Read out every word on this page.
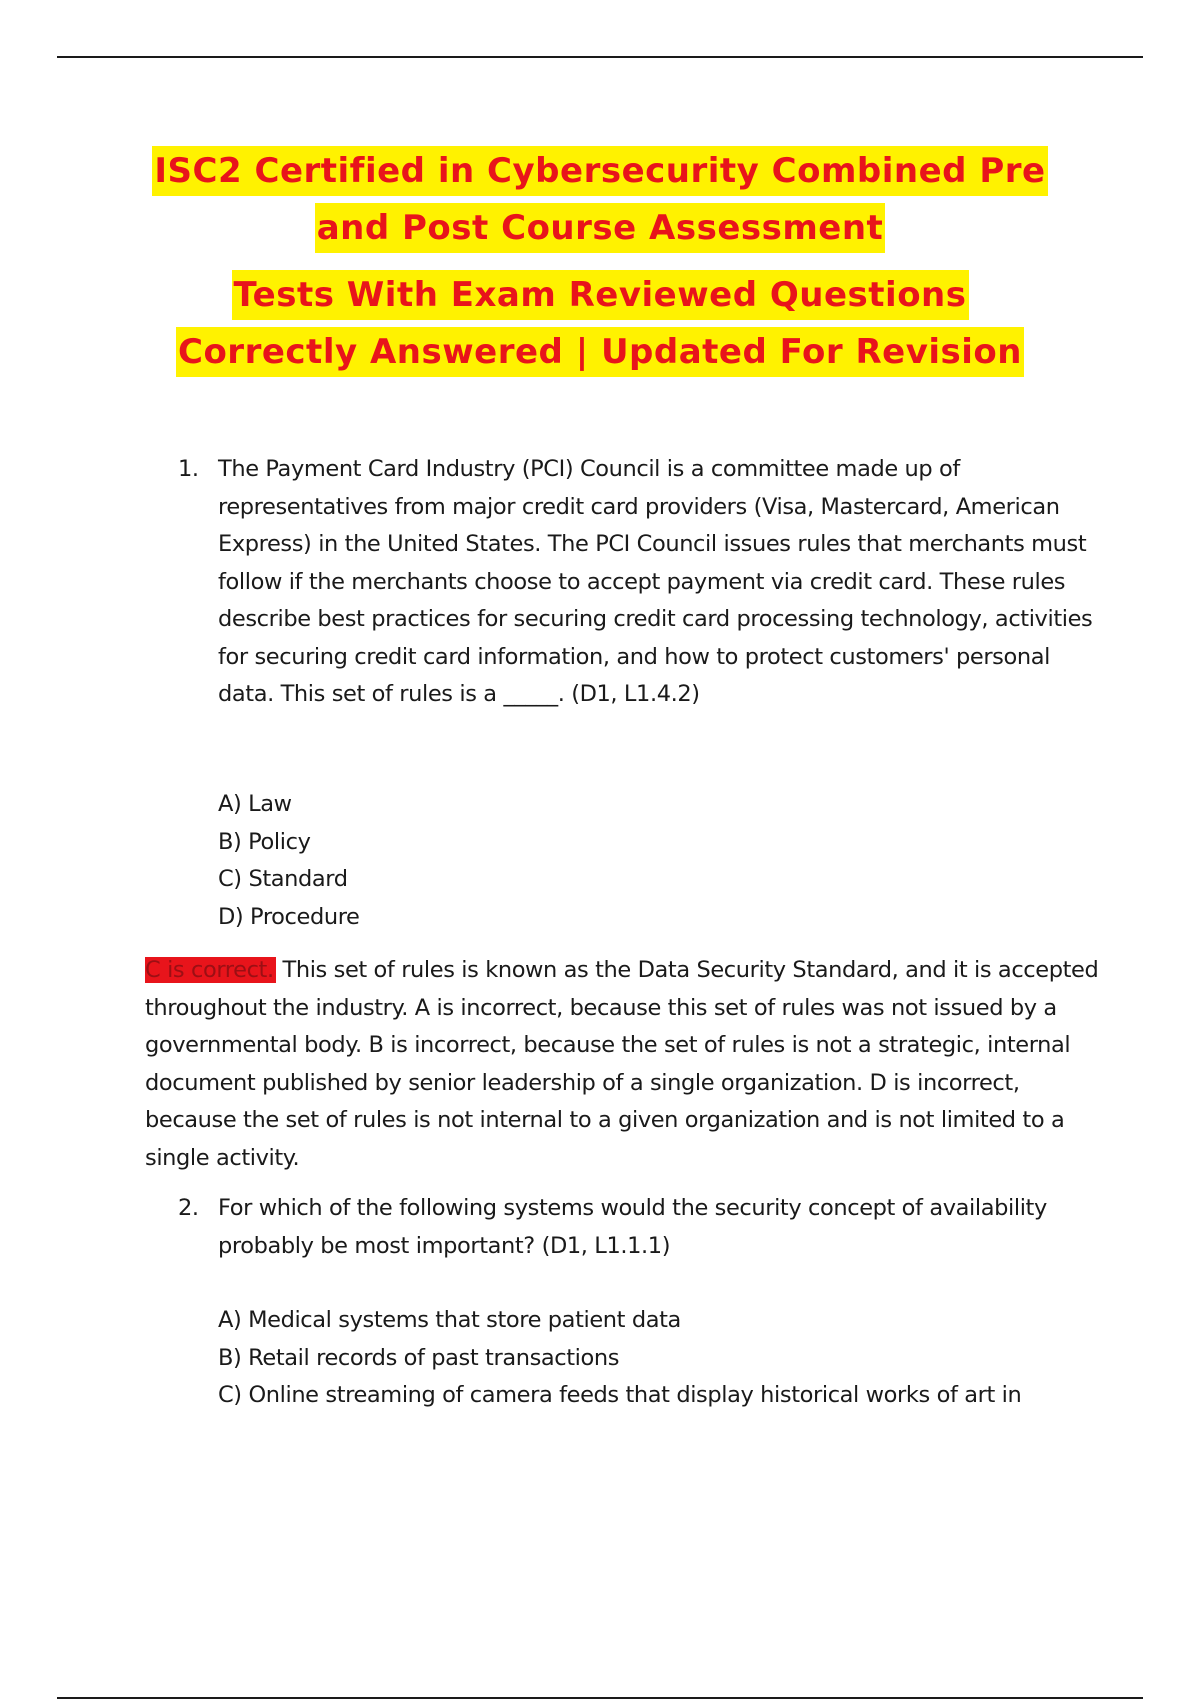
ISC2 Certified in Cybersecurity Combined Pre
and Post Course Assessment
Tests With Exam Reviewed Questions
Correctly Answered | Updated For Revision
1. The Payment Card Industry (PCI) Council is a committee made up of representatives from major credit card providers (Visa, Mastercard, American Express) in the United States. The PCI Council issues rules that merchants must follow if the merchants choose to accept payment via credit card. These rules describe best practices for securing credit card processing technology, activities for securing credit card information, and how to protect customers' personal data. This set of rules is a _____. (D1, L1.4.2)
A) Law
B) Policy
C) Standard
D) Procedure
C is correct. This set of rules is known as the Data Security Standard, and it is accepted throughout the industry. A is incorrect, because this set of rules was not issued by a governmental body. B is incorrect, because the set of rules is not a strategic, internal document published by senior leadership of a single organization. D is incorrect, because the set of rules is not internal to a given organization and is not limited to a single activity.
2. For which of the following systems would the security concept of availability probably be most important? (D1, L1.1.1)
A) Medical systems that store patient data
B) Retail records of past transactions
C) Online streaming of camera feeds that display historical works of art in
